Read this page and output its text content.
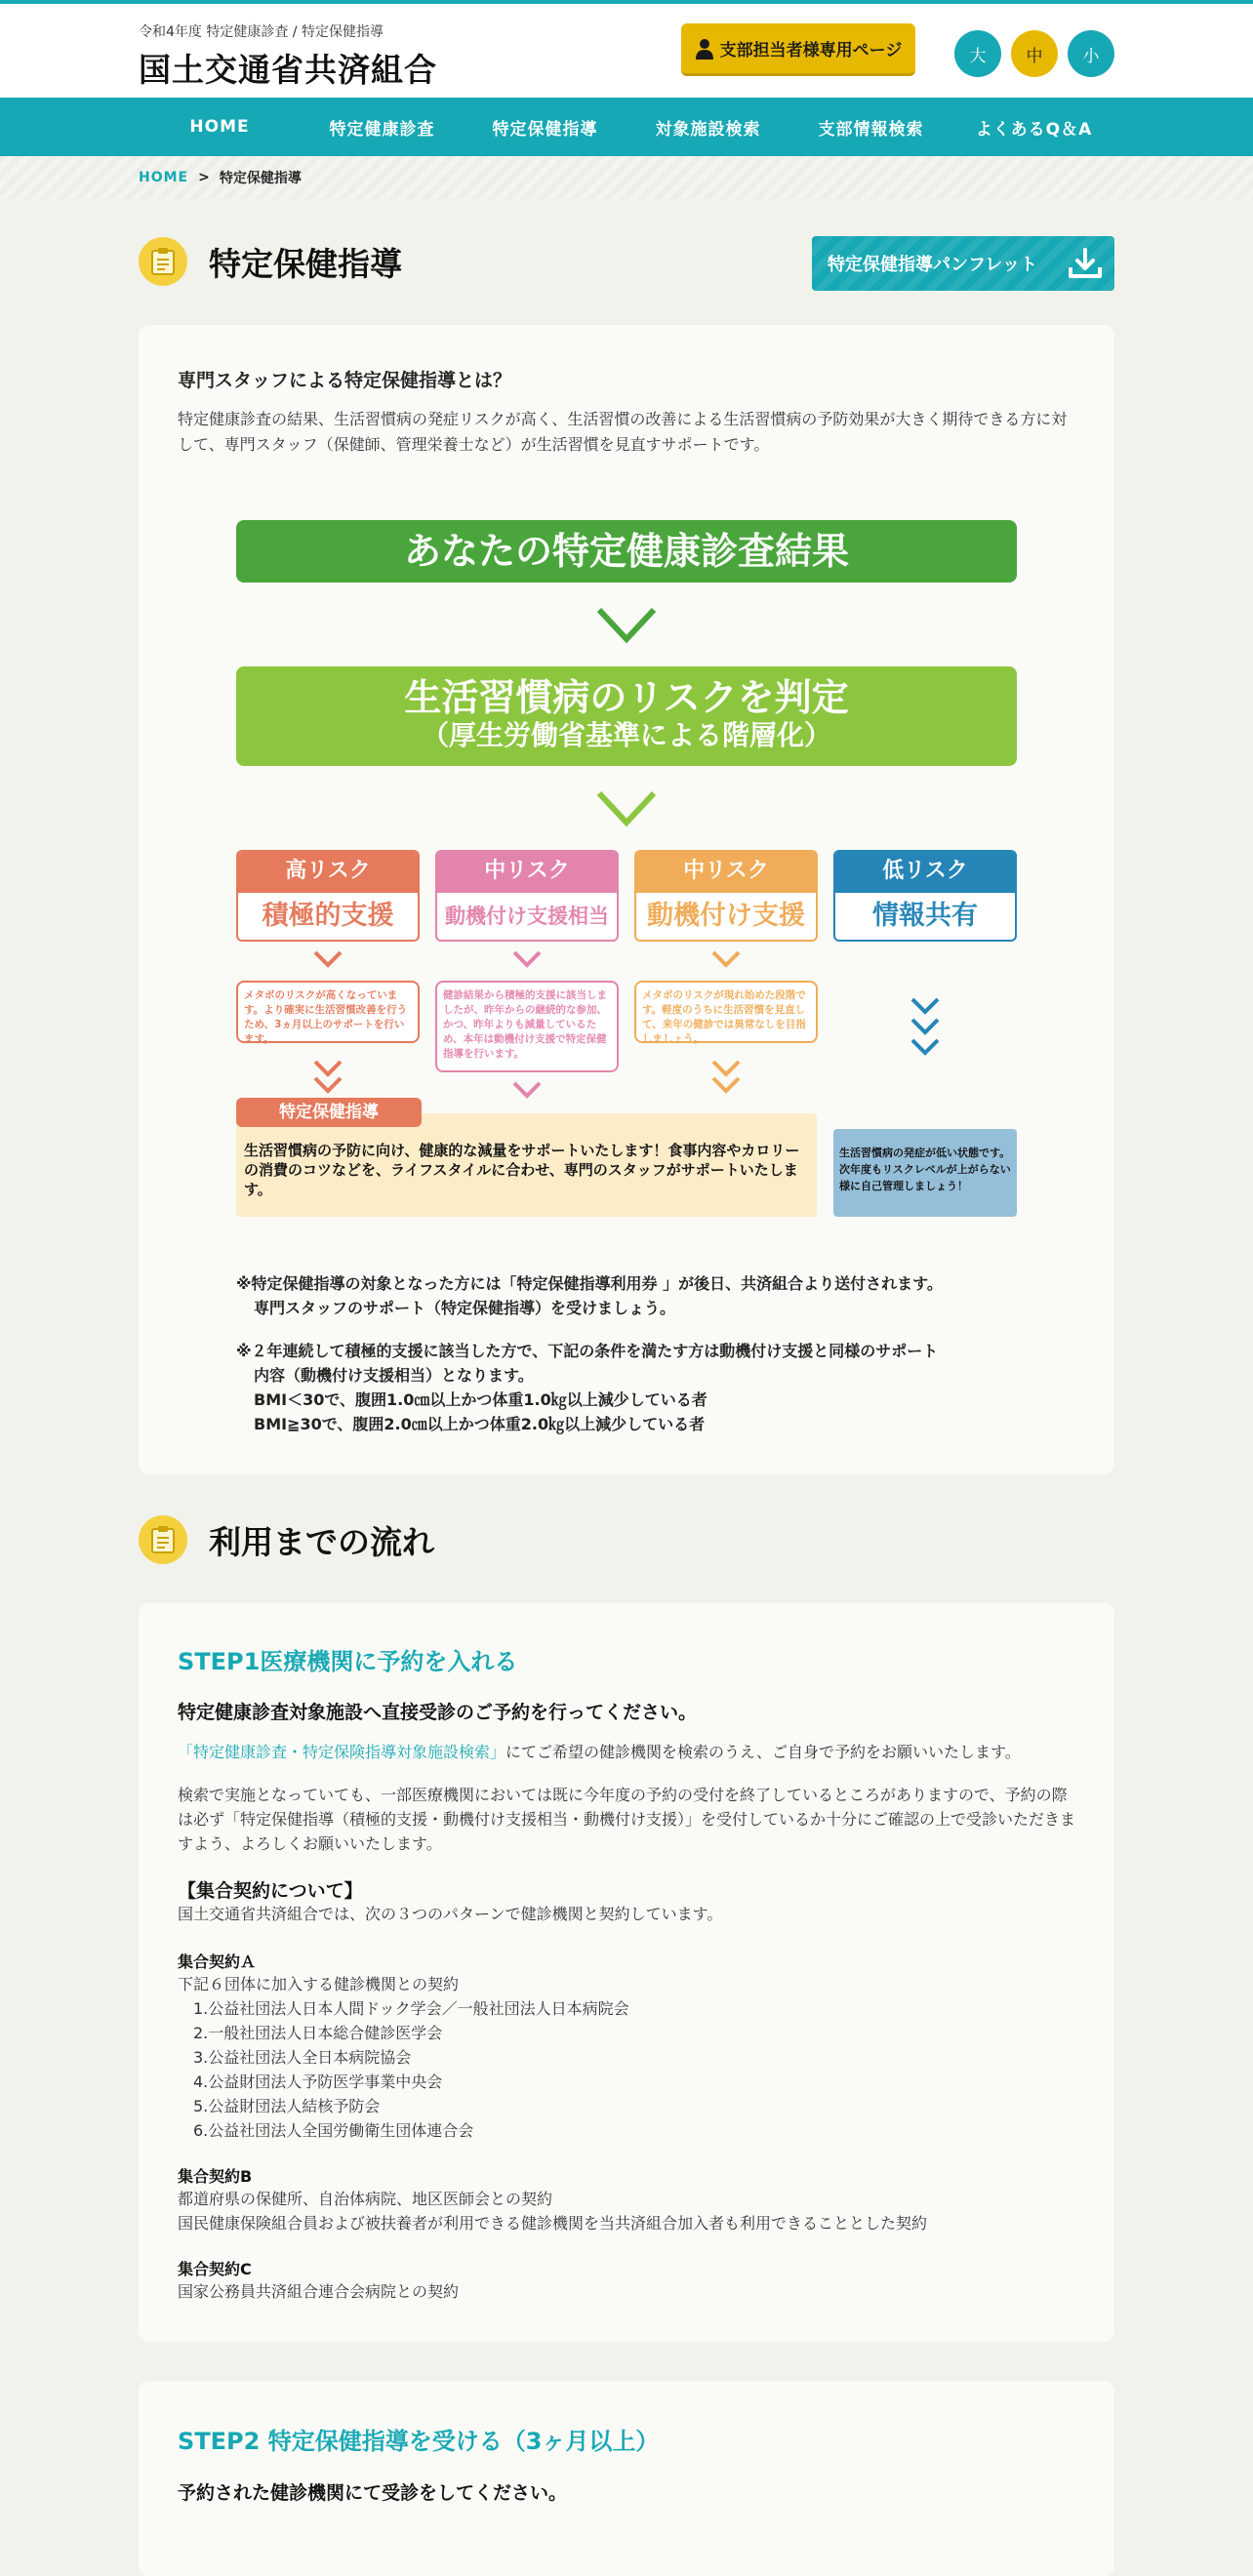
令和4年度 特定健康診査 / 特定保健指導
国土交通省共済組合	支部担当者様専用ページ	大	中	小
HOME	特定健康診査	特定保健指導	対象施設検索	支部情報検索	よくあるQ＆A
HOME > 特定保健指導
特定保健指導	特定保健指導パンフレット
専門スタッフによる特定保健指導とは？
特定健康診査の結果、生活習慣病の発症リスクが高く、生活習慣の改善による生活習慣病の予防効果が大きく期待できる方に対して、専門スタッフ（保健師、管理栄養士など）が生活習慣を見直すサポートです。
あなたの特定健康診査結果
生活習慣病のリスクを判定
（厚生労働省基準による階層化）
高リスク
積極的支援
メタボのリスクが高くなっています。より確実に生活習慣改善を行うため、3ヵ月以上のサポートを行います。
中リスク
動機付け支援相当
健診結果から積極的支援に該当しましたが、昨年からの継続的な参加、かつ、昨年よりも減量しているため、本年は動機付け支援で特定保健指導を行います。
中リスク
動機付け支援
メタボのリスクが現れ始めた段階です。軽度のうちに生活習慣を見直して、来年の健診では異常なしを目指しましょう。
低リスク
情報共有
特定保健指導
生活習慣病の予防に向け、健康的な減量をサポートいたします！食事内容やカロリーの消費のコツなどを、ライフスタイルに合わせ、専門のスタッフがサポートいたします。
生活習慣病の発症が低い状態です。次年度もリスクレベルが上がらない様に自己管理しましょう！
※特定保健指導の対象となった方には「特定保健指導利用券 」が後日、共済組合より送付されます。
専門スタッフのサポート（特定保健指導）を受けましょう。
※２年連続して積極的支援に該当した方で、下記の条件を満たす方は動機付け支援と同様のサポート
内容（動機付け支援相当）となります。
BMI＜30で、腹囲1.0㎝以上かつ体重1.0㎏以上減少している者
BMI≧30で、腹囲2.0㎝以上かつ体重2.0㎏以上減少している者
利用までの流れ
STEP1医療機関に予約を入れる
特定健康診査対象施設へ直接受診のご予約を行ってください。
「特定健康診査・特定保険指導対象施設検索」にてご希望の健診機関を検索のうえ、ご自身で予約をお願いいたします。
検索で実施となっていても、一部医療機関においては既に今年度の予約の受付を終了しているところがありますので、予約の際は必ず「特定保健指導（積極的支援・動機付け支援相当・動機付け支援）」を受付しているか十分にご確認の上で受診いただきますよう、よろしくお願いいたします。
【集合契約について】
国土交通省共済組合では、次の３つのパターンで健診機関と契約しています。
集合契約Ａ
下記６団体に加入する健診機関との契約
1.公益社団法人日本人間ドック学会／一般社団法人日本病院会
2.一般社団法人日本総合健診医学会
3.公益社団法人全日本病院協会
4.公益財団法人予防医学事業中央会
5.公益財団法人結核予防会
6.公益社団法人全国労働衛生団体連合会
集合契約B
都道府県の保健所、自治体病院、地区医師会との契約
国民健康保険組合員および被扶養者が利用できる健診機関を当共済組合加入者も利用できることとした契約
集合契約C
国家公務員共済組合連合会病院との契約
STEP2 特定保健指導を受ける（3ヶ月以上）
予約された健診機関にて受診をしてください。
